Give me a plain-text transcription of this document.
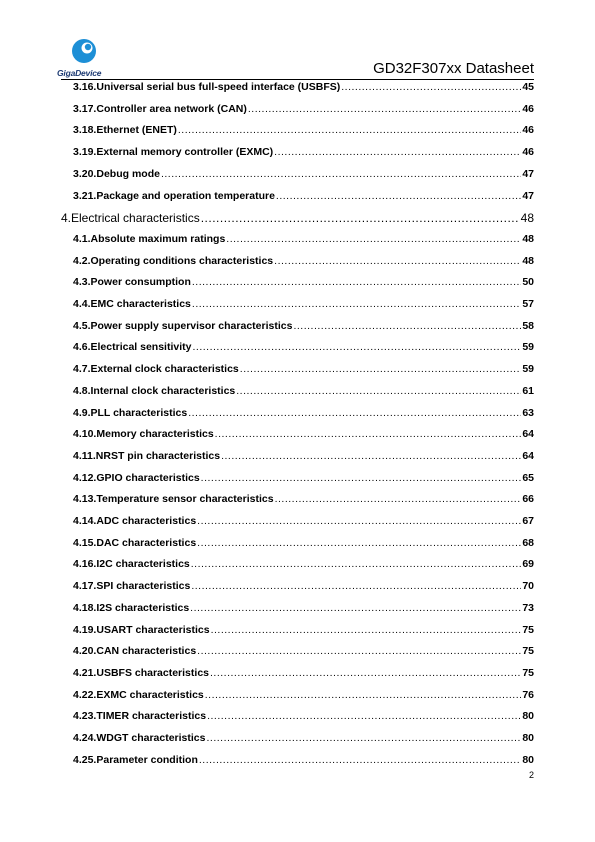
GigaDevice	GD32F307xx Datasheet
3.16. Universal serial bus full-speed interface (USBFS) .....	45
3.17. Controller area network (CAN) .....	46
3.18. Ethernet (ENET) .....	46
3.19. External memory controller (EXMC) .....	46
3.20. Debug mode .....	47
3.21. Package and operation temperature .....	47
4. Electrical characteristics .....	48
4.1. Absolute maximum ratings .....	48
4.2. Operating conditions characteristics .....	48
4.3. Power consumption .....	50
4.4. EMC characteristics .....	57
4.5. Power supply supervisor characteristics .....	58
4.6. Electrical sensitivity .....	59
4.7. External clock characteristics .....	59
4.8. Internal clock characteristics .....	61
4.9. PLL characteristics .....	63
4.10. Memory characteristics .....	64
4.11. NRST pin characteristics .....	64
4.12. GPIO characteristics .....	65
4.13. Temperature sensor characteristics .....	66
4.14. ADC characteristics .....	67
4.15. DAC characteristics .....	68
4.16. I2C characteristics .....	69
4.17. SPI characteristics .....	70
4.18. I2S characteristics .....	73
4.19. USART characteristics .....	75
4.20. CAN characteristics .....	75
4.21. USBFS characteristics .....	75
4.22. EXMC characteristics .....	76
4.23. TIMER characteristics .....	80
4.24. WDGT characteristics .....	80
4.25. Parameter condition .....	80
2
